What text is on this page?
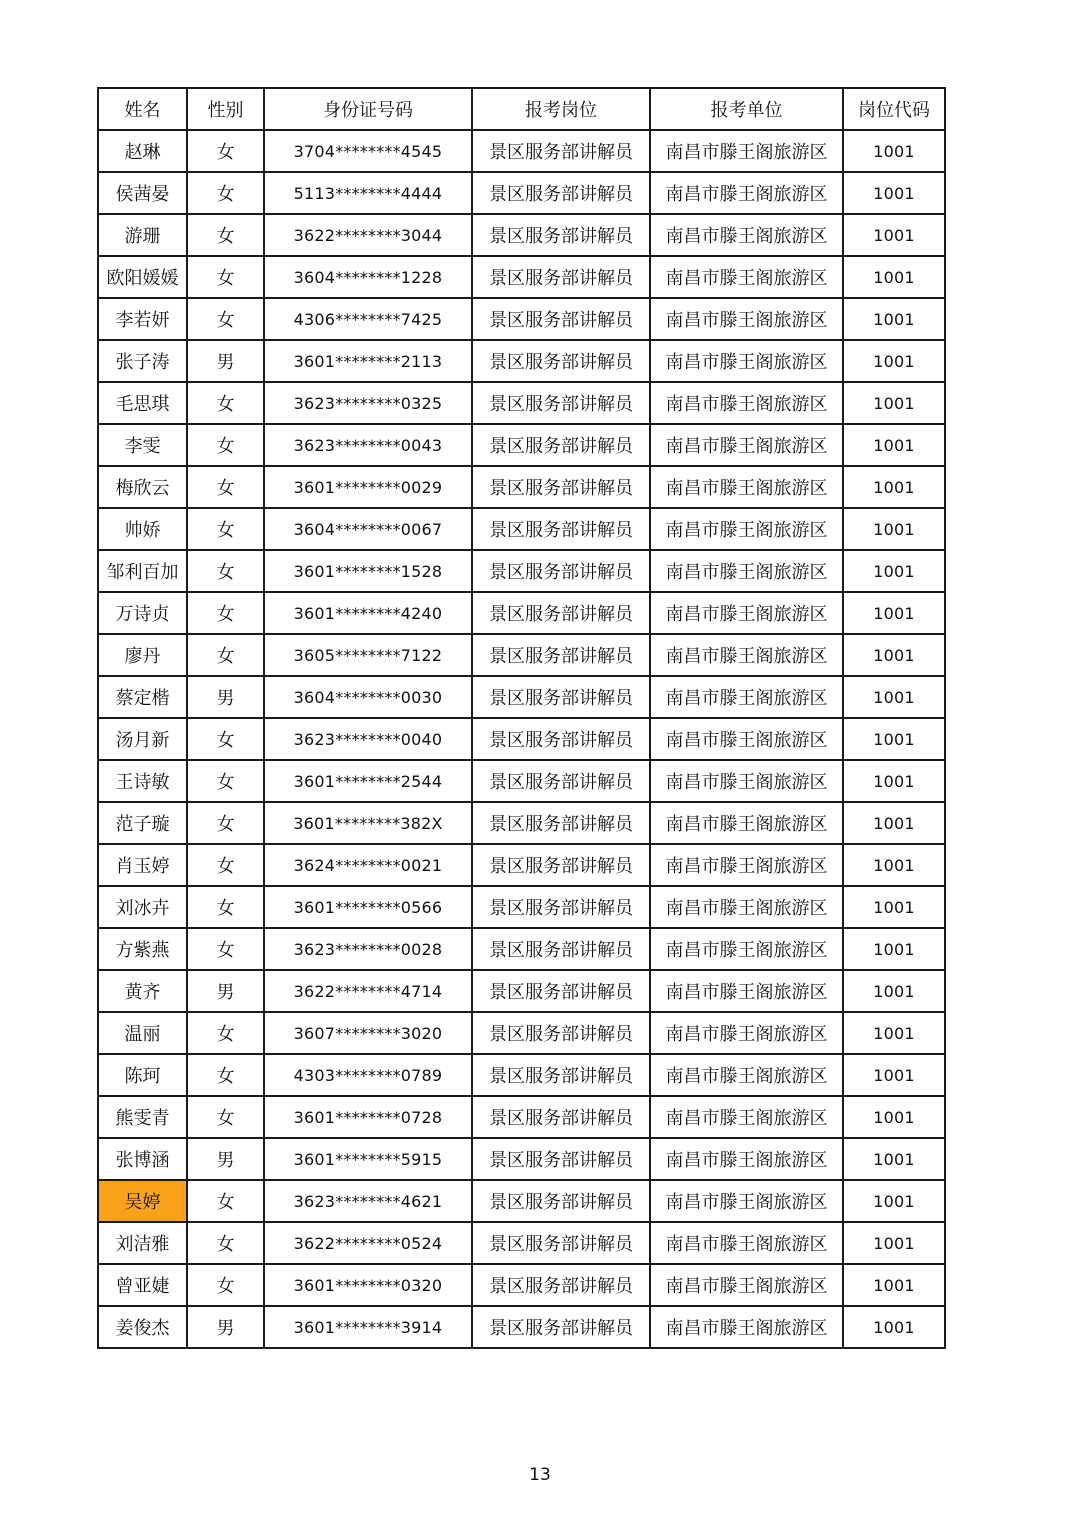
姓名	性别	身份证号码	报考岗位	报考单位	岗位代码
赵琳	女	3704********4545	景区服务部讲解员	南昌市滕王阁旅游区	1001
侯茜晏	女	5113********4444	景区服务部讲解员	南昌市滕王阁旅游区	1001
游珊	女	3622********3044	景区服务部讲解员	南昌市滕王阁旅游区	1001
欧阳媛媛	女	3604********1228	景区服务部讲解员	南昌市滕王阁旅游区	1001
李若妍	女	4306********7425	景区服务部讲解员	南昌市滕王阁旅游区	1001
张子涛	男	3601********2113	景区服务部讲解员	南昌市滕王阁旅游区	1001
毛思琪	女	3623********0325	景区服务部讲解员	南昌市滕王阁旅游区	1001
李雯	女	3623********0043	景区服务部讲解员	南昌市滕王阁旅游区	1001
梅欣云	女	3601********0029	景区服务部讲解员	南昌市滕王阁旅游区	1001
帅娇	女	3604********0067	景区服务部讲解员	南昌市滕王阁旅游区	1001
邹利百加	女	3601********1528	景区服务部讲解员	南昌市滕王阁旅游区	1001
万诗贞	女	3601********4240	景区服务部讲解员	南昌市滕王阁旅游区	1001
廖丹	女	3605********7122	景区服务部讲解员	南昌市滕王阁旅游区	1001
蔡定楷	男	3604********0030	景区服务部讲解员	南昌市滕王阁旅游区	1001
汤月新	女	3623********0040	景区服务部讲解员	南昌市滕王阁旅游区	1001
王诗敏	女	3601********2544	景区服务部讲解员	南昌市滕王阁旅游区	1001
范子璇	女	3601********382X	景区服务部讲解员	南昌市滕王阁旅游区	1001
肖玉婷	女	3624********0021	景区服务部讲解员	南昌市滕王阁旅游区	1001
刘冰卉	女	3601********0566	景区服务部讲解员	南昌市滕王阁旅游区	1001
方紫燕	女	3623********0028	景区服务部讲解员	南昌市滕王阁旅游区	1001
黄齐	男	3622********4714	景区服务部讲解员	南昌市滕王阁旅游区	1001
温丽	女	3607********3020	景区服务部讲解员	南昌市滕王阁旅游区	1001
陈珂	女	4303********0789	景区服务部讲解员	南昌市滕王阁旅游区	1001
熊雯青	女	3601********0728	景区服务部讲解员	南昌市滕王阁旅游区	1001
张博涵	男	3601********5915	景区服务部讲解员	南昌市滕王阁旅游区	1001
吴婷	女	3623********4621	景区服务部讲解员	南昌市滕王阁旅游区	1001
刘洁雅	女	3622********0524	景区服务部讲解员	南昌市滕王阁旅游区	1001
曾亚婕	女	3601********0320	景区服务部讲解员	南昌市滕王阁旅游区	1001
姜俊杰	男	3601********3914	景区服务部讲解员	南昌市滕王阁旅游区	1001
13
